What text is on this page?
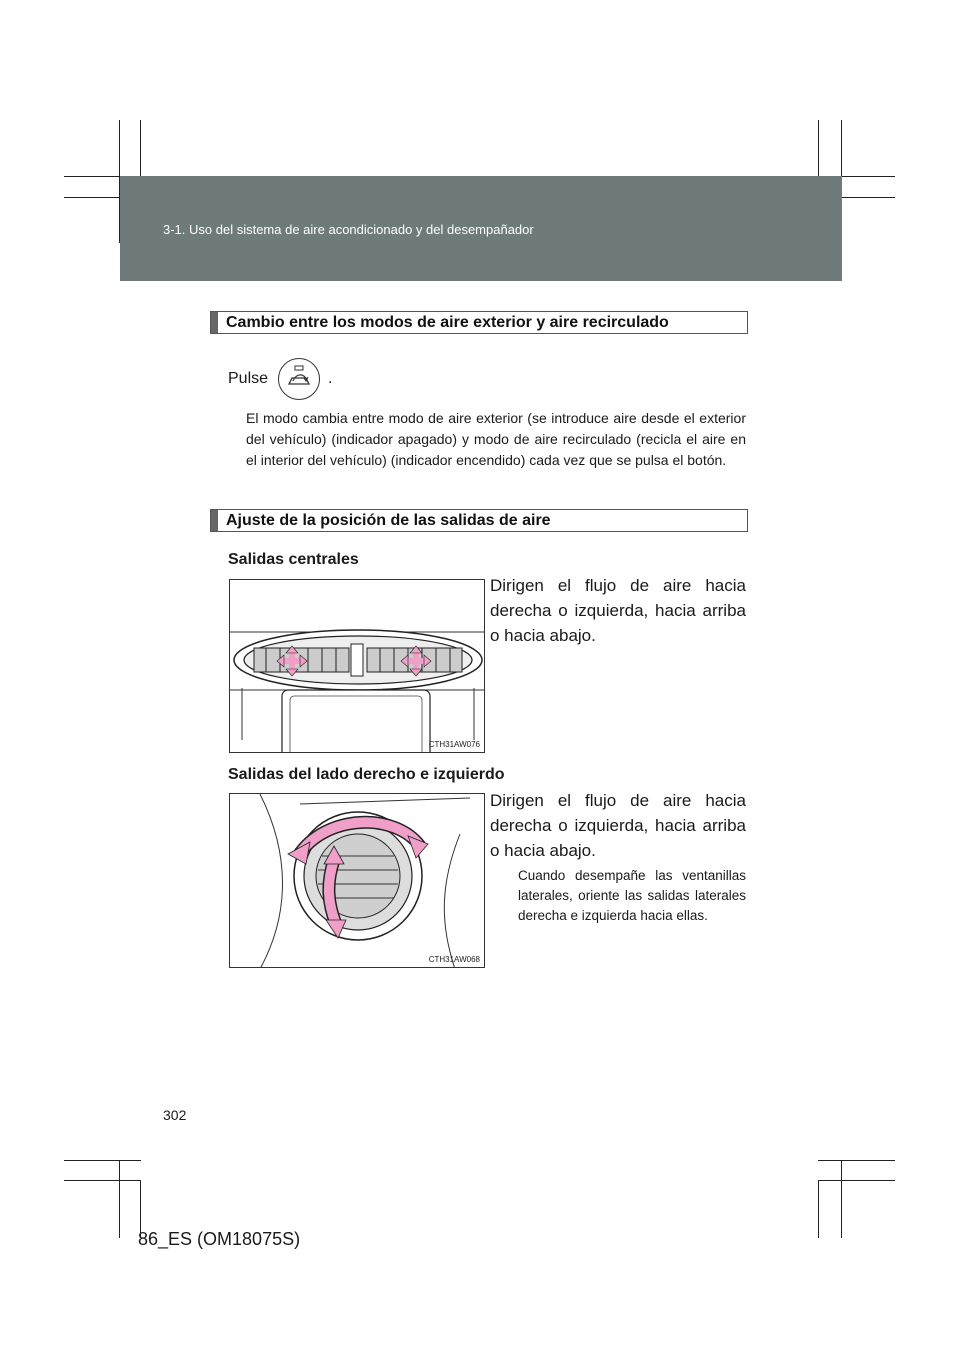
3-1. Uso del sistema de aire acondicionado y del desempañador
Cambio entre los modos de aire exterior y aire recirculado
Pulse	.
El modo cambia entre modo de aire exterior (se introduce aire desde el exterior del vehículo) (indicador apagado) y modo de aire recirculado (recicla el aire en el interior del vehículo) (indicador encendido) cada vez que se pulsa el botón.
Ajuste de la posición de las salidas de aire
Salidas centrales
CTH31AW076
Dirigen el flujo de aire hacia derecha o izquierda, hacia arriba o hacia abajo.
Salidas del lado derecho e izquierdo
CTH31AW068
Dirigen el flujo de aire hacia derecha o izquierda, hacia arriba o hacia abajo.
Cuando desempañe las ventanillas laterales, oriente las salidas laterales derecha e izquierda hacia ellas.
302
86_ES (OM18075S)
